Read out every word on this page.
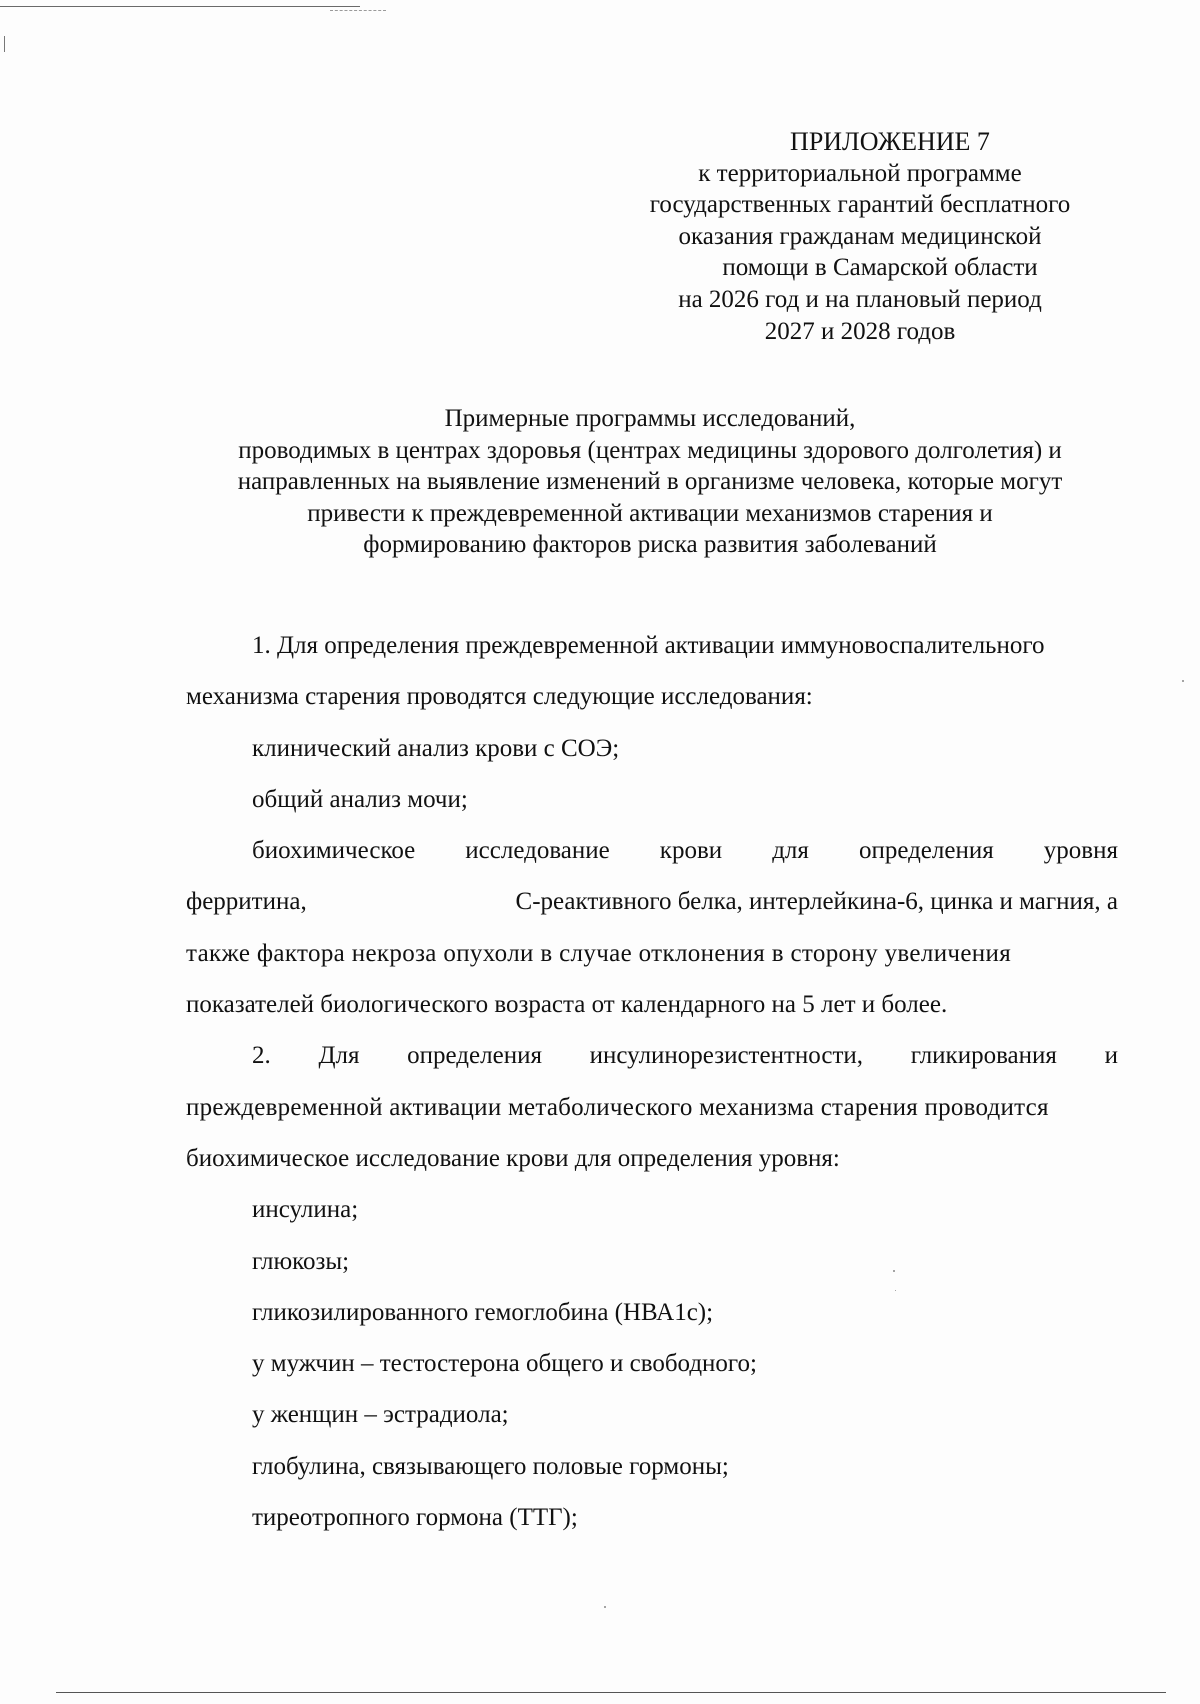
ПРИЛОЖЕНИЕ 7
к территориальной программе
государственных гарантий бесплатного
оказания гражданам медицинской
помощи в Самарской области
на 2026 год и на плановый период
2027 и 2028 годов
Примерные программы исследований,
проводимых в центрах здоровья (центрах медицины здорового долголетия) и
направленных на выявление изменений в организме человека, которые могут
привести к преждевременной активации механизмов старения и
формированию факторов риска развития заболеваний
1. Для определения преждевременной активации иммуновоспалительного
механизма старения проводятся следующие исследования:
клинический анализ крови с СОЭ;
общий анализ мочи;
биохимическое исследование крови для определения уровня
ферритина,	С-реактивного белка, интерлейкина-6, цинка и магния, а
также фактора некроза опухоли в случае отклонения в сторону увеличения
показателей биологического возраста от календарного на 5 лет и более.
2. Для определения инсулинорезистентности, гликирования и
преждевременной активации метаболического механизма старения проводится
биохимическое исследование крови для определения уровня:
инсулина;
глюкозы;
гликозилированного гемоглобина (НВА1с);
у мужчин – тестостерона общего и свободного;
у женщин – эстрадиола;
глобулина, связывающего половые гормоны;
тиреотропного гормона (ТТГ);
